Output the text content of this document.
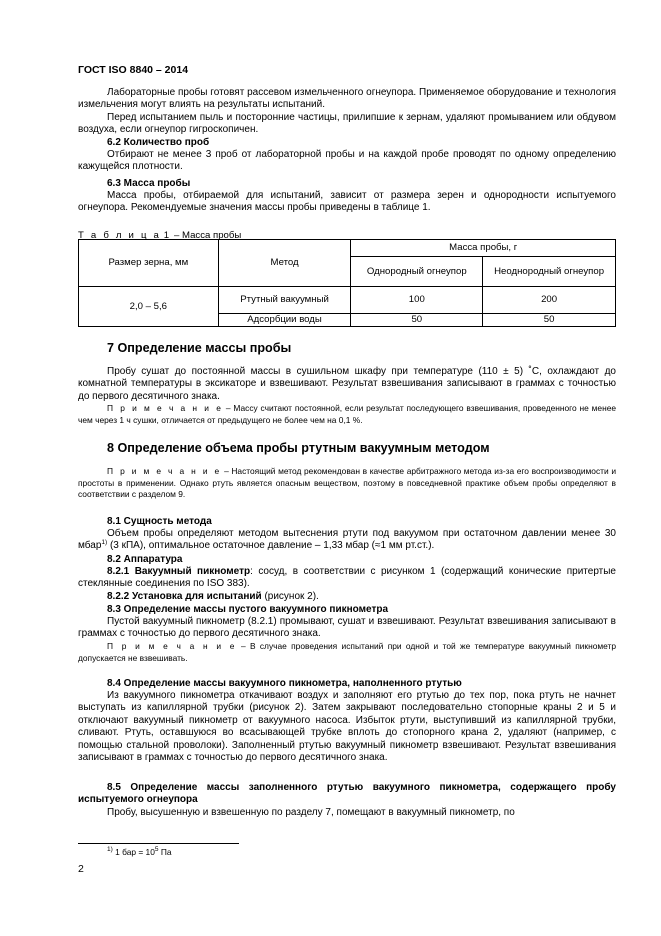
ГОСТ ISO 8840 – 2014
Лабораторные пробы готовят рассевом измельченного огнеупора. Применяемое оборудование и технология измельчения могут влиять на результаты испытаний.
Перед испытанием пыль и посторонние частицы, прилипшие к зернам, удаляют промыванием или обдувом воздуха, если огнеупор гигроскопичен.
6.2 Количество проб
Отбирают не менее 3 проб от лабораторной пробы и на каждой пробе проводят по одному определению кажущейся плотности.
6.3 Масса пробы
Масса пробы, отбираемой для испытаний, зависит от размера зерен и однородности испытуемого огнеупора. Рекомендуемые значения массы пробы приведены в таблице 1.
Т а б л и ц а 1 – Масса пробы
Размер зерна, мм	Метод	Масса пробы, г	
		Однородный огнеупор	Неоднородный огнеупор
2,0 – 5,6	Ртутный вакуумный	100	200
	Адсорбции воды	50	50
7 Определение массы пробы
Пробу сушат до постоянной массы в сушильном шкафу при температуре (110 ± 5) ˚С, охлаждают до комнатной температуры в эксикаторе и взвешивают. Результат взвешивания записывают в граммах с точностью до первого десятичного знака.
П р и м е ч а н и е – Массу считают постоянной, если результат последующего взвешивания, проведенного не менее чем через 1 ч сушки, отличается от предыдущего не более чем на 0,1 %.
8 Определение объема пробы ртутным вакуумным методом
П р и м е ч а н и е – Настоящий метод рекомендован в качестве арбитражного метода из-за его воспроизводимости и простоты в применении. Однако ртуть является опасным веществом, поэтому в повседневной практике объем пробы определяют в соответствии с разделом 9.
8.1 Сущность метода
Объем пробы определяют методом вытеснения ртути под вакуумом при остаточном давлении менее 30 мбар$^{1)}$ (3 кПА), оптимальное остаточное давление – 1,33 мбар (≈1 мм рт.ст.).
8.2 Аппаратура
8.2.1 Вакуумный пикнометр: сосуд, в соответствии с рисунком 1 (содержащий конические притертые стеклянные соединения по ISO 383).
8.2.2 Установка для испытаний (рисунок 2).
8.3 Определение массы пустого вакуумного пикнометра
Пустой вакуумный пикнометр (8.2.1) промывают, сушат и взвешивают. Результат взвешивания записывают в граммах с точностью до первого десятичного знака.
П р и м е ч а н и е – В случае проведения испытаний при одной и той же температуре вакуумный пикнометр допускается не взвешивать.
8.4 Определение массы вакуумного пикнометра, наполненного ртутью
Из вакуумного пикнометра откачивают воздух и заполняют его ртутью до тех пор, пока ртуть не начнет выступать из капиллярной трубки (рисунок 2). Затем закрывают последовательно стопорные краны 2 и 5 и отключают вакуумный пикнометр от вакуумного насоса. Избыток ртути, выступивший из капиллярной трубки, сливают. Ртуть, оставшуюся во всасывающей трубке вплоть до стопорного крана 2, удаляют (например, с помощью стальной проволоки). Заполненный ртутью вакуумный пикнометр взвешивают. Результат взвешивания записывают в граммах с точностью до первого десятичного знака.
8.5 Определение массы заполненного ртутью вакуумного пикнометра, содержащего пробу испытуемого огнеупора
Пробу, высушенную и взвешенную по разделу 7, помещают в вакуумный пикнометр, по
$^{1)}$ 1 бар = $10^5$ Па
2
